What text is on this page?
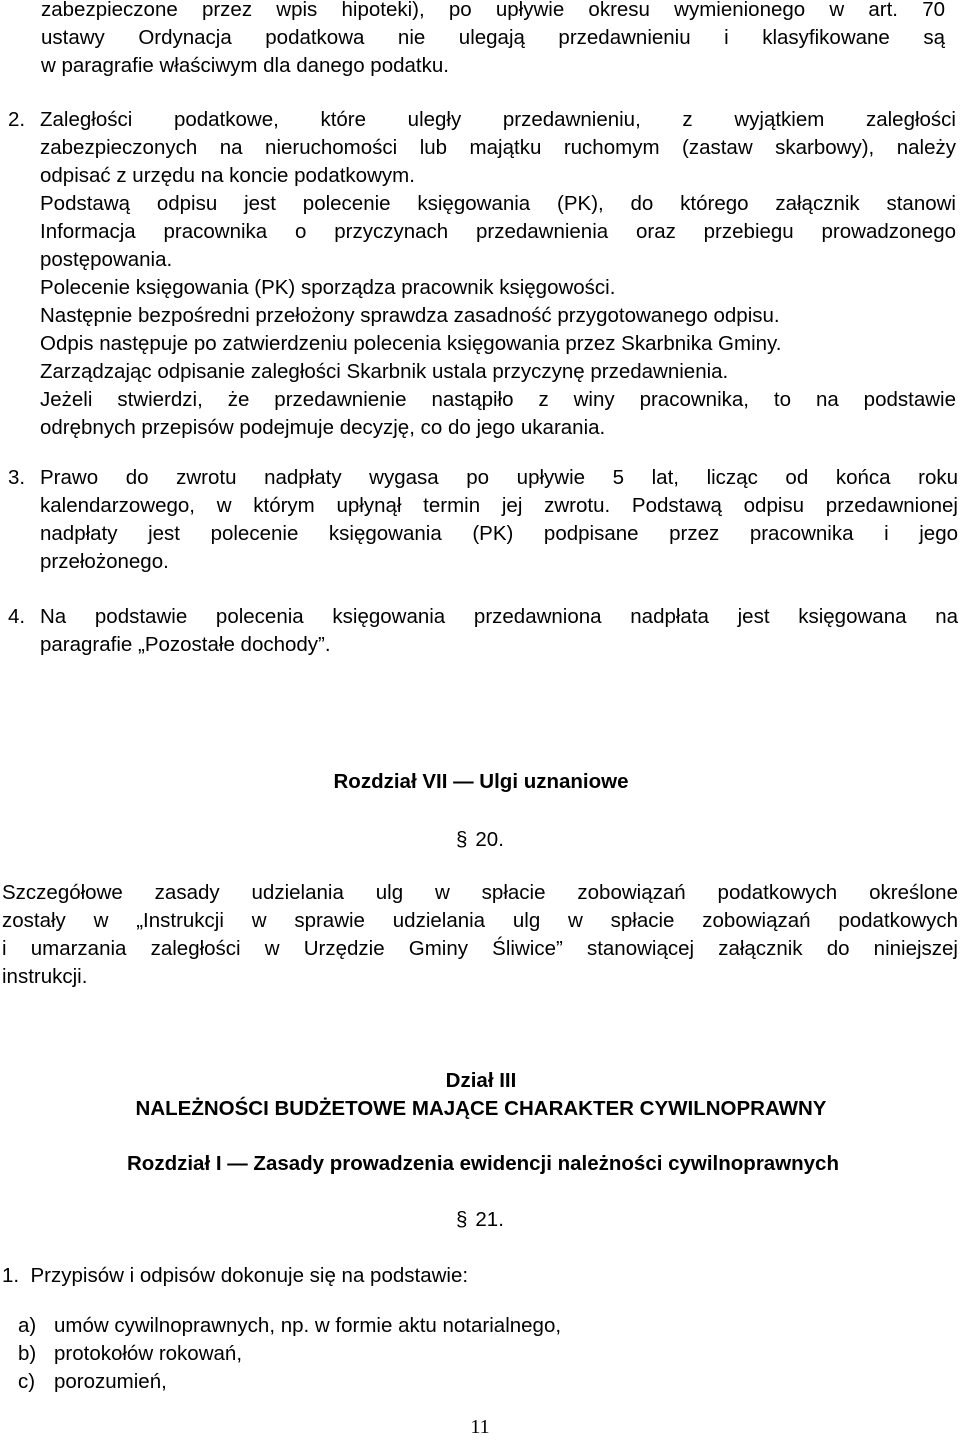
zabezpieczone przez wpis hipoteki), po upływie okresu wymienionego w art. 70
ustawy Ordynacja podatkowa nie ulegają przedawnieniu i klasyfikowane są
w paragrafie właściwym dla danego podatku.
2. Zaległości podatkowe, które uległy przedawnieniu, z wyjątkiem zaległości
zabezpieczonych na nieruchomości lub majątku ruchomym (zastaw skarbowy), należy
odpisać z urzędu na koncie podatkowym.
Podstawą odpisu jest polecenie księgowania (PK), do którego załącznik stanowi
Informacja pracownika o przyczynach przedawnienia oraz przebiegu prowadzonego
postępowania.
Polecenie księgowania (PK) sporządza pracownik księgowości.
Następnie bezpośredni przełożony sprawdza zasadność przygotowanego odpisu.
Odpis następuje po zatwierdzeniu polecenia księgowania przez Skarbnika Gminy.
Zarządzając odpisanie zaległości Skarbnik ustala przyczynę przedawnienia.
Jeżeli stwierdzi, że przedawnienie nastąpiło z winy pracownika, to na podstawie
odrębnych przepisów podejmuje decyzję, co do jego ukarania.
3. Prawo do zwrotu nadpłaty wygasa po upływie 5 lat, licząc od końca roku
kalendarzowego, w którym upłynął termin jej zwrotu. Podstawą odpisu przedawnionej
nadpłaty jest polecenie księgowania (PK) podpisane przez pracownika i jego
przełożonego.
4. Na podstawie polecenia księgowania przedawniona nadpłata jest księgowana na
paragrafie „Pozostałe dochody”.
Rozdział VII — Ulgi uznaniowe
§ 20.
Szczegółowe zasady udzielania ulg w spłacie zobowiązań podatkowych określone
zostały w „Instrukcji w sprawie udzielania ulg w spłacie zobowiązań podatkowych
i umarzania zaległości w Urzędzie Gminy Śliwice” stanowiącej załącznik do niniejszej
instrukcji.
Dział III
NALEŻNOŚCI BUDŻETOWE MAJĄCE CHARAKTER CYWILNOPRAWNY
Rozdział I — Zasady prowadzenia ewidencji należności cywilnoprawnych
§ 21.
1.  Przypisów i odpisów dokonuje się na podstawie:
a) umów cywilnoprawnych, np. w formie aktu notarialnego,
b) protokołów rokowań,
c) porozumień,
11
